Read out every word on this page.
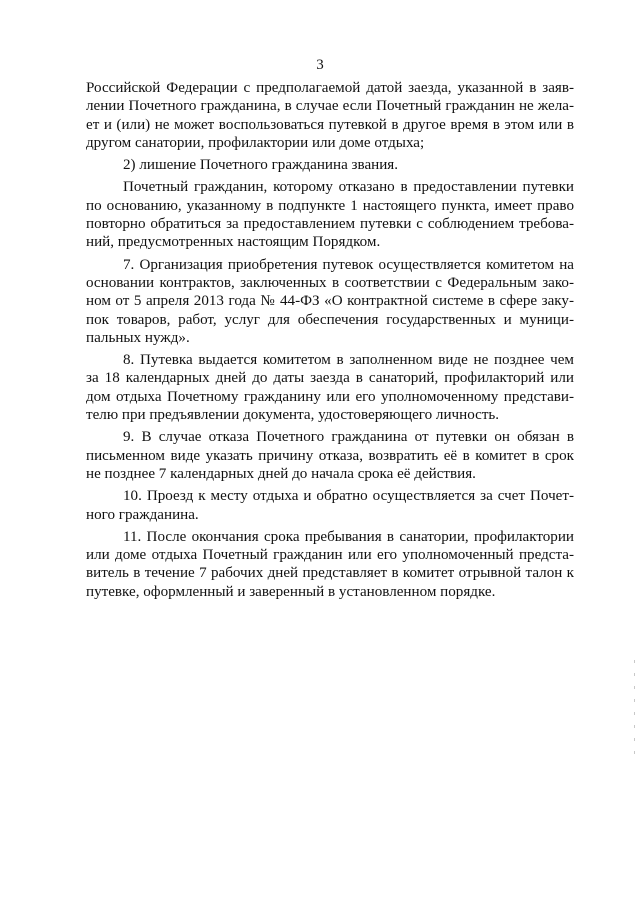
3
Российской Федерации с предполагаемой датой заезда, указанной в заяв-
лении Почетного гражданина, в случае если Почетный гражданин не жела-
ет и (или) не может воспользоваться путевкой в другое время в этом или в
другом санатории, профилактории или доме отдыха;
2) лишение Почетного гражданина звания.
Почетный гражданин, которому отказано в предоставлении путевки
по основанию, указанному в подпункте 1 настоящего пункта, имеет право
повторно обратиться за предоставлением путевки с соблюдением требова-
ний, предусмотренных настоящим Порядком.
7. Организация приобретения путевок осуществляется комитетом на
основании контрактов, заключенных в соответствии с Федеральным зако-
ном от 5 апреля 2013 года № 44-ФЗ «О контрактной системе в сфере заку-
пок товаров, работ, услуг для обеспечения государственных и муници-
пальных нужд».
8. Путевка выдается комитетом в заполненном виде не позднее чем
за 18 календарных дней до даты заезда в санаторий, профилакторий или
дом отдыха Почетному гражданину или его уполномоченному представи-
телю при предъявлении документа, удостоверяющего личность.
9. В случае отказа Почетного гражданина от путевки он обязан в
письменном виде указать причину отказа, возвратить её в комитет в срок
не позднее 7 календарных дней до начала срока её действия.
10. Проезд к месту отдыха и обратно осуществляется за счет Почет-
ного гражданина.
11. После окончания срока пребывания в санатории, профилактории
или доме отдыха Почетный гражданин или его уполномоченный предста-
витель в течение 7 рабочих дней представляет в комитет отрывной талон к
путевке, оформленный и заверенный в установленном порядке.
